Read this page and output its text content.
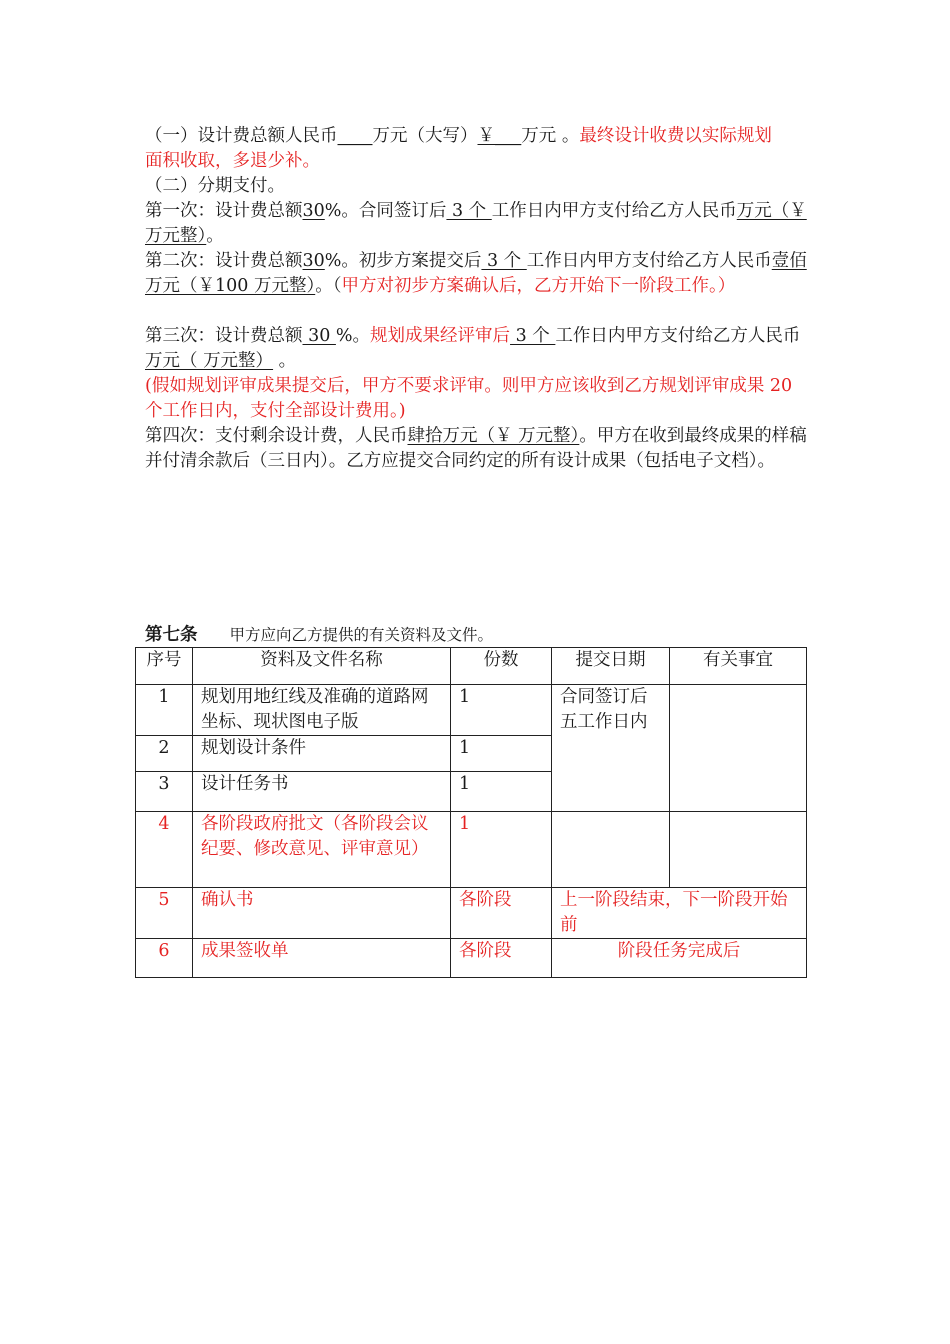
（一）设计费总额人民币____万元（大写）￥___万元 。最终设计收费以实际规划面积收取，多退少补。

（二）分期支付。

第一次：设计费总额30%。合同签订后 3 个 工作日内甲方支付给乙方人民币万元（￥ 万元整）。

第二次：设计费总额30%。初步方案提交后 3 个 工作日内甲方支付给乙方人民币壹佰万元（￥100 万元整）。（甲方对初步方案确认后，乙方开始下一阶段工作。）

第三次：设计费总额 30 %。规划成果经评审后 3 个 工作日内甲方支付给乙方人民币 万元（ 万元整） 。

(假如规划评审成果提交后，甲方不要求评审。则甲方应该收到乙方规划评审成果 20 个工作日内，支付全部设计费用。)

第四次：支付剩余设计费，人民币肆拾万元（￥ 万元整）。甲方在收到最终成果的样稿并付清余款后（三日内）。乙方应提交合同约定的所有设计成果（包括电子文档）。

第七条 甲方应向乙方提供的有关资料及文件。
序号	资料及文件名称	份数	提交日期	有关事宜
1	规划用地红线及准确的道路网坐标、现状图电子版	1	合同签订后五工作日内	
2	规划设计条件	1		
3	设计任务书	1		
4	各阶段政府批文（各阶段会议纪要、修改意见、评审意见）	1		
5	确认书	各阶段	上一阶段结束，下一阶段开始前	
6	成果签收单	各阶段	阶段任务完成后	
